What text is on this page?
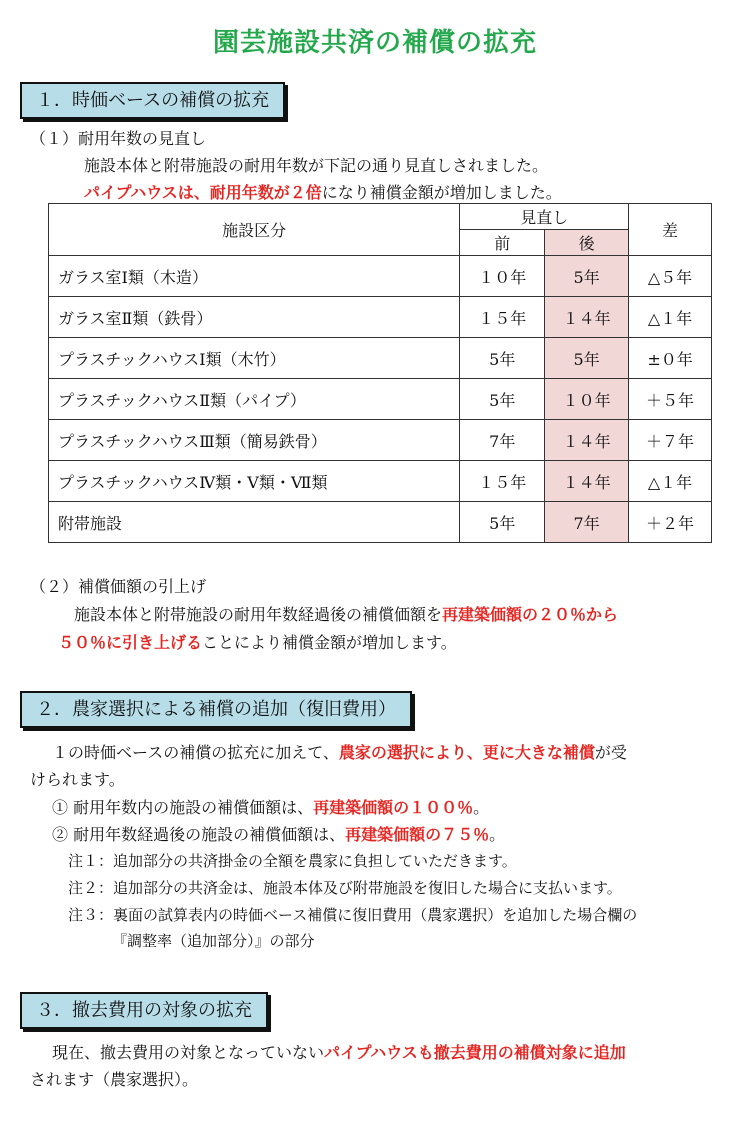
園芸施設共済の補償の拡充
１．時価ベースの補償の拡充
（１）耐用年数の見直し
施設本体と附帯施設の耐用年数が下記の通り見直しされました。
パイプハウスは、耐用年数が２倍になり補償金額が増加しました。
施設区分	見直し		差
	前	後	
ガラス室Ⅰ類（木造）	１０年	5年	△５年
ガラス室Ⅱ類（鉄骨）	１５年	１４年	△１年
プラスチックハウスⅠ類（木竹）	5年	5年	±０年
プラスチックハウスⅡ類（パイプ）	5年	１０年	＋５年
プラスチックハウスⅢ類（簡易鉄骨）	7年	１４年	＋７年
プラスチックハウスⅣ類・Ⅴ類・Ⅶ類	１５年	１４年	△１年
附帯施設	5年	7年	＋２年
（２）補償価額の引上げ
施設本体と附帯施設の耐用年数経過後の補償価額を再建築価額の２０％から
５０％に引き上げることにより補償金額が増加します。
２．農家選択による補償の追加（復旧費用）
１の時価ベースの補償の拡充に加えて、農家の選択により、更に大きな補償が受
けられます。
① 耐用年数内の施設の補償価額は、再建築価額の１００％。
② 耐用年数経過後の施設の補償価額は、再建築価額の７５％。
注１：追加部分の共済掛金の全額を農家に負担していただきます。
注２：追加部分の共済金は、施設本体及び附帯施設を復旧した場合に支払います。
注３：裏面の試算表内の時価ベース補償に復旧費用（農家選択）を追加した場合欄の
『調整率（追加部分）』の部分
３．撤去費用の対象の拡充
現在、撤去費用の対象となっていないパイプハウスも撤去費用の補償対象に追加
されます（農家選択）。
